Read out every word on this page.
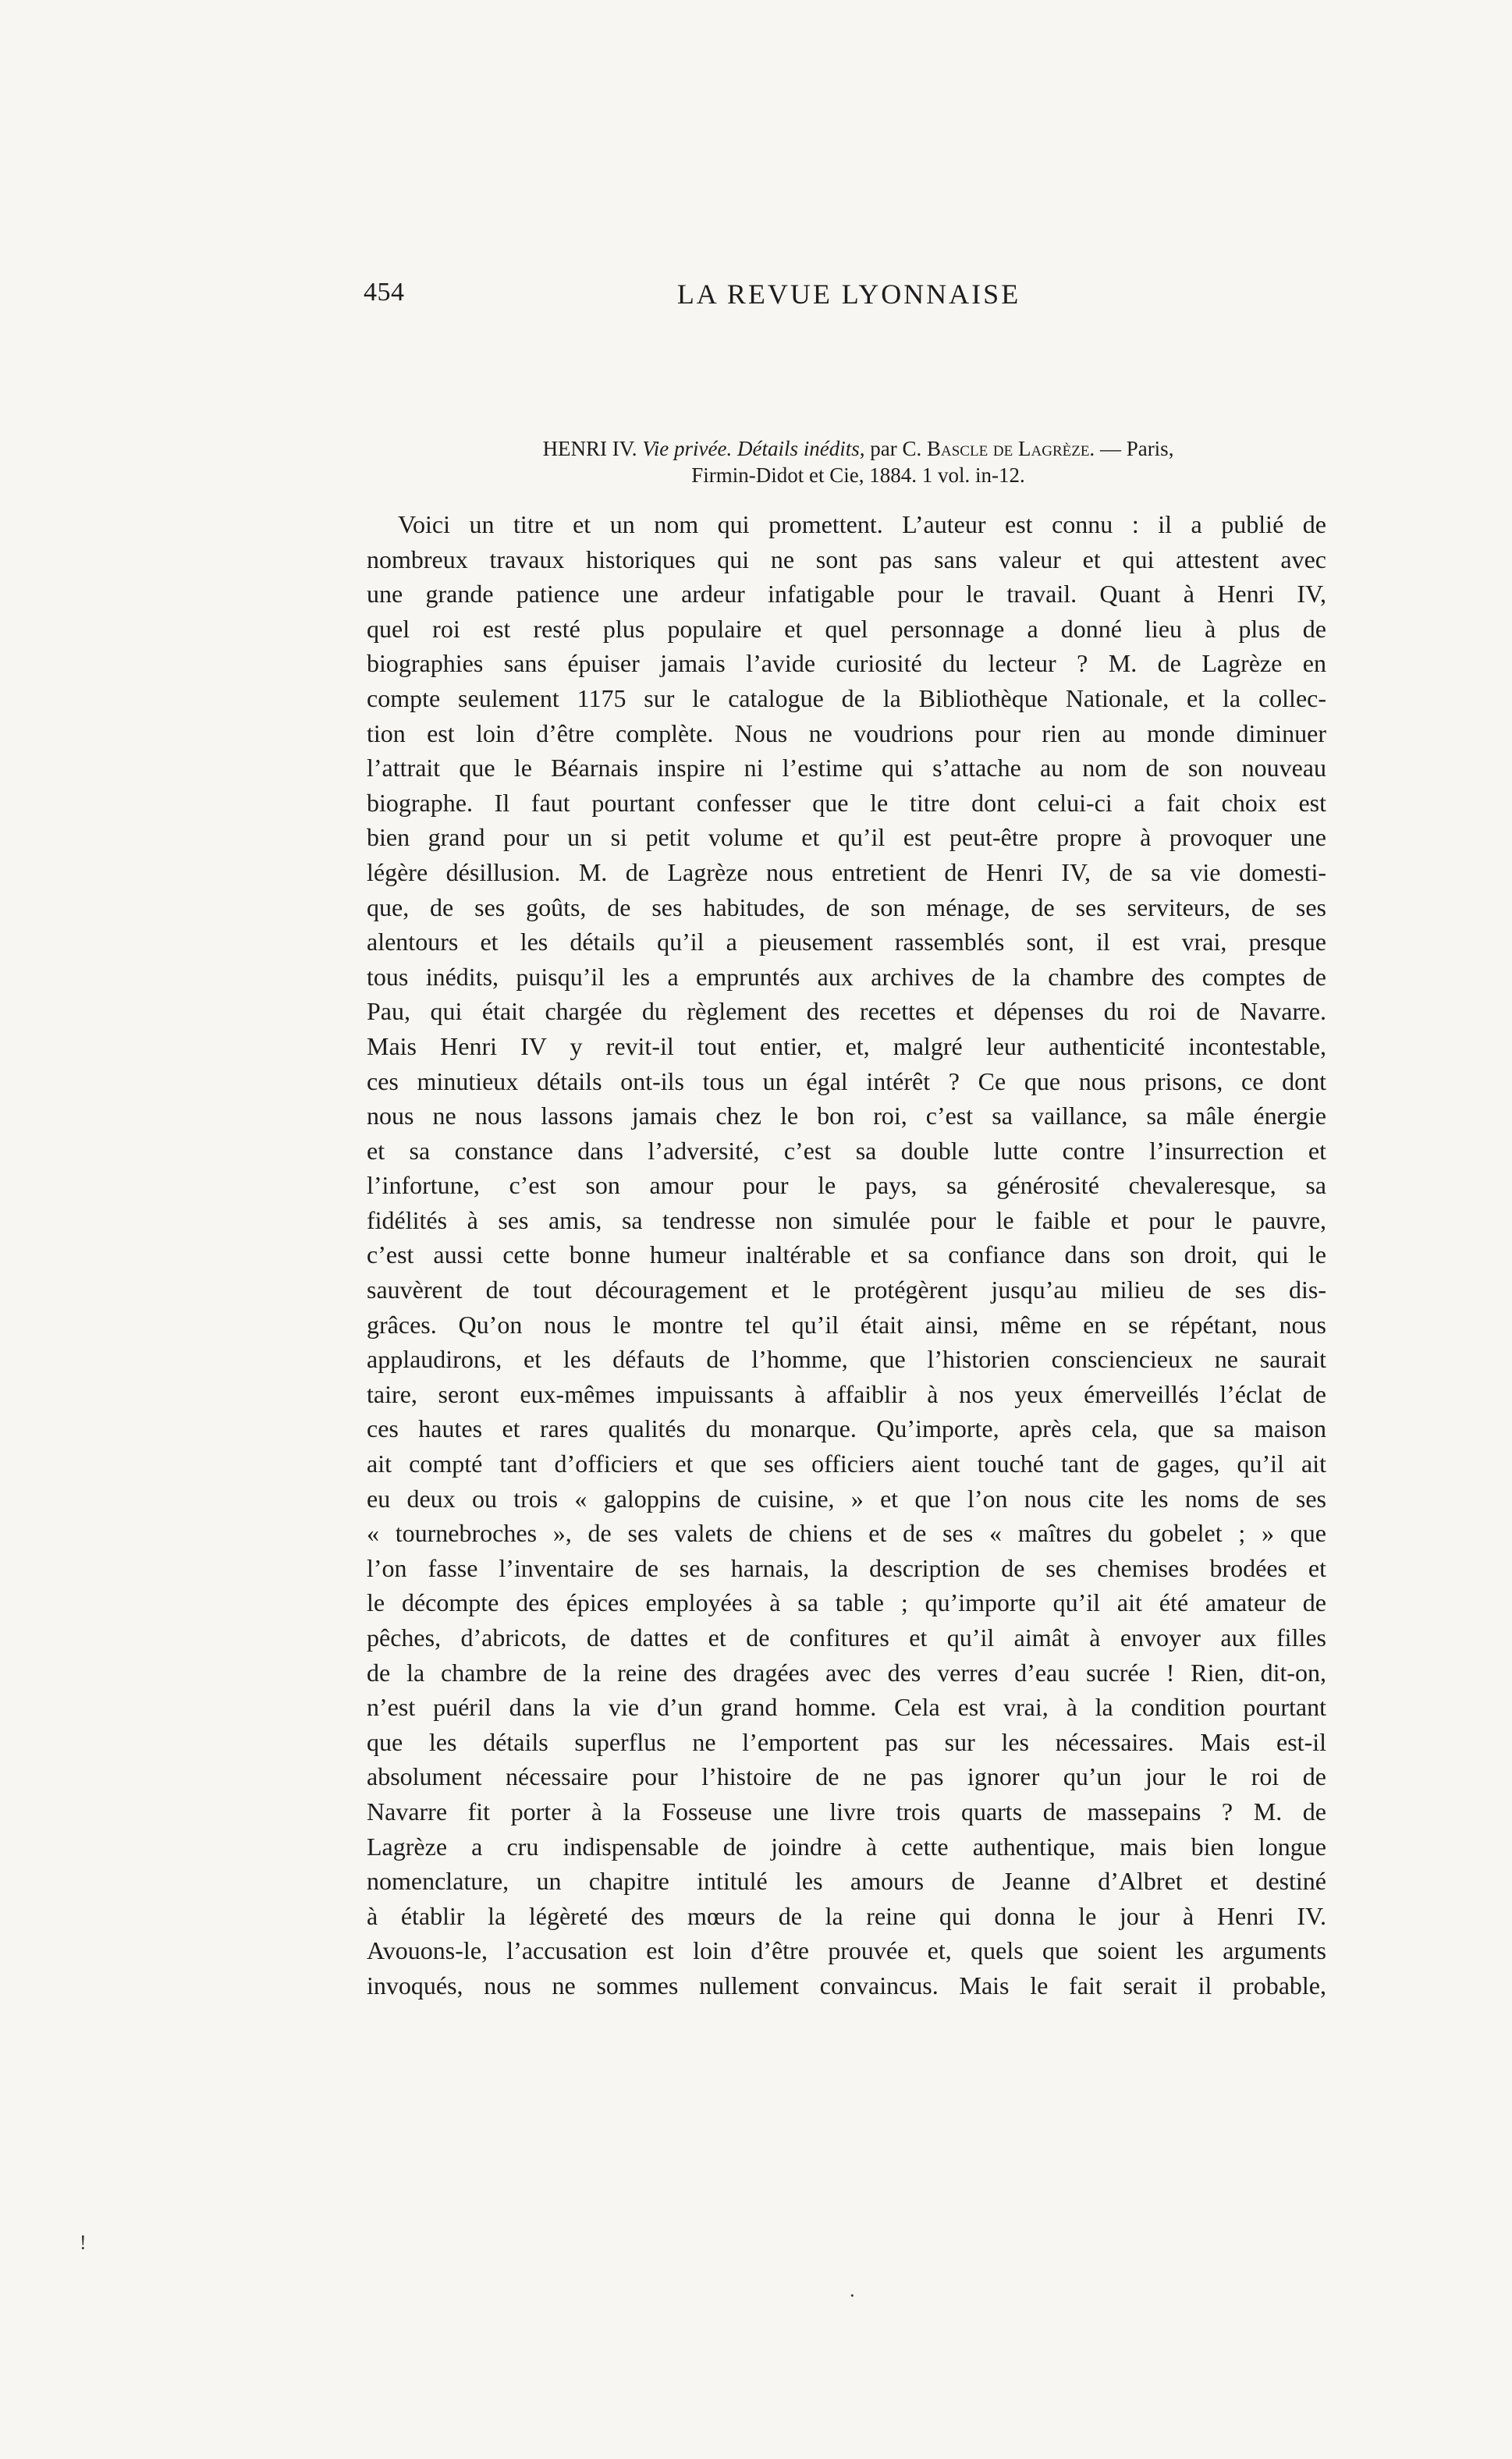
454	LA REVUE LYONNAISE
HENRI IV. Vie privée. Détails inédits, par C. Bascle de Lagrèze. — Paris,
Firmin-Didot et Cie, 1884. 1 vol. in-12.
Voici un titre et un nom qui promettent. L’auteur est connu : il a publié de
nombreux travaux historiques qui ne sont pas sans valeur et qui attestent avec
une grande patience une ardeur infatigable pour le travail. Quant à Henri IV,
quel roi est resté plus populaire et quel personnage a donné lieu à plus de
biographies sans épuiser jamais l’avide curiosité du lecteur ? M. de Lagrèze en
compte seulement 1175 sur le catalogue de la Bibliothèque Nationale, et la collec-
tion est loin d’être complète. Nous ne voudrions pour rien au monde diminuer
l’attrait que le Béarnais inspire ni l’estime qui s’attache au nom de son nouveau
biographe. Il faut pourtant confesser que le titre dont celui-ci a fait choix est
bien grand pour un si petit volume et qu’il est peut-être propre à provoquer une
légère désillusion. M. de Lagrèze nous entretient de Henri IV, de sa vie domesti-
que, de ses goûts, de ses habitudes, de son ménage, de ses serviteurs, de ses
alentours et les détails qu’il a pieusement rassemblés sont, il est vrai, presque
tous inédits, puisqu’il les a empruntés aux archives de la chambre des comptes de
Pau, qui était chargée du règlement des recettes et dépenses du roi de Navarre.
Mais Henri IV y revit-il tout entier, et, malgré leur authenticité incontestable,
ces minutieux détails ont-ils tous un égal intérêt ? Ce que nous prisons, ce dont
nous ne nous lassons jamais chez le bon roi, c’est sa vaillance, sa mâle énergie
et sa constance dans l’adversité, c’est sa double lutte contre l’insurrection et
l’infortune, c’est son amour pour le pays, sa générosité chevaleresque, sa
fidélités à ses amis, sa tendresse non simulée pour le faible et pour le pauvre,
c’est aussi cette bonne humeur inaltérable et sa confiance dans son droit, qui le
sauvèrent de tout découragement et le protégèrent jusqu’au milieu de ses dis-
grâces. Qu’on nous le montre tel qu’il était ainsi, même en se répétant, nous
applaudirons, et les défauts de l’homme, que l’historien consciencieux ne saurait
taire, seront eux-mêmes impuissants à affaiblir à nos yeux émerveillés l’éclat de
ces hautes et rares qualités du monarque. Qu’importe, après cela, que sa maison
ait compté tant d’officiers et que ses officiers aient touché tant de gages, qu’il ait
eu deux ou trois « galoppins de cuisine, » et que l’on nous cite les noms de ses
« tournebroches », de ses valets de chiens et de ses « maîtres du gobelet ; » que
l’on fasse l’inventaire de ses harnais, la description de ses chemises brodées et
le décompte des épices employées à sa table ; qu’importe qu’il ait été amateur de
pêches, d’abricots, de dattes et de confitures et qu’il aimât à envoyer aux filles
de la chambre de la reine des dragées avec des verres d’eau sucrée ! Rien, dit-on,
n’est puéril dans la vie d’un grand homme. Cela est vrai, à la condition pourtant
que les détails superflus ne l’emportent pas sur les nécessaires. Mais est-il
absolument nécessaire pour l’histoire de ne pas ignorer qu’un jour le roi de
Navarre fit porter à la Fosseuse une livre trois quarts de massepains ? M. de
Lagrèze a cru indispensable de joindre à cette authentique, mais bien longue
nomenclature, un chapitre intitulé les amours de Jeanne d’Albret et destiné
à établir la légèreté des mœurs de la reine qui donna le jour à Henri IV.
Avouons-le, l’accusation est loin d’être prouvée et, quels que soient les arguments
invoqués, nous ne sommes nullement convaincus. Mais le fait serait il probable,
ǃ
·
